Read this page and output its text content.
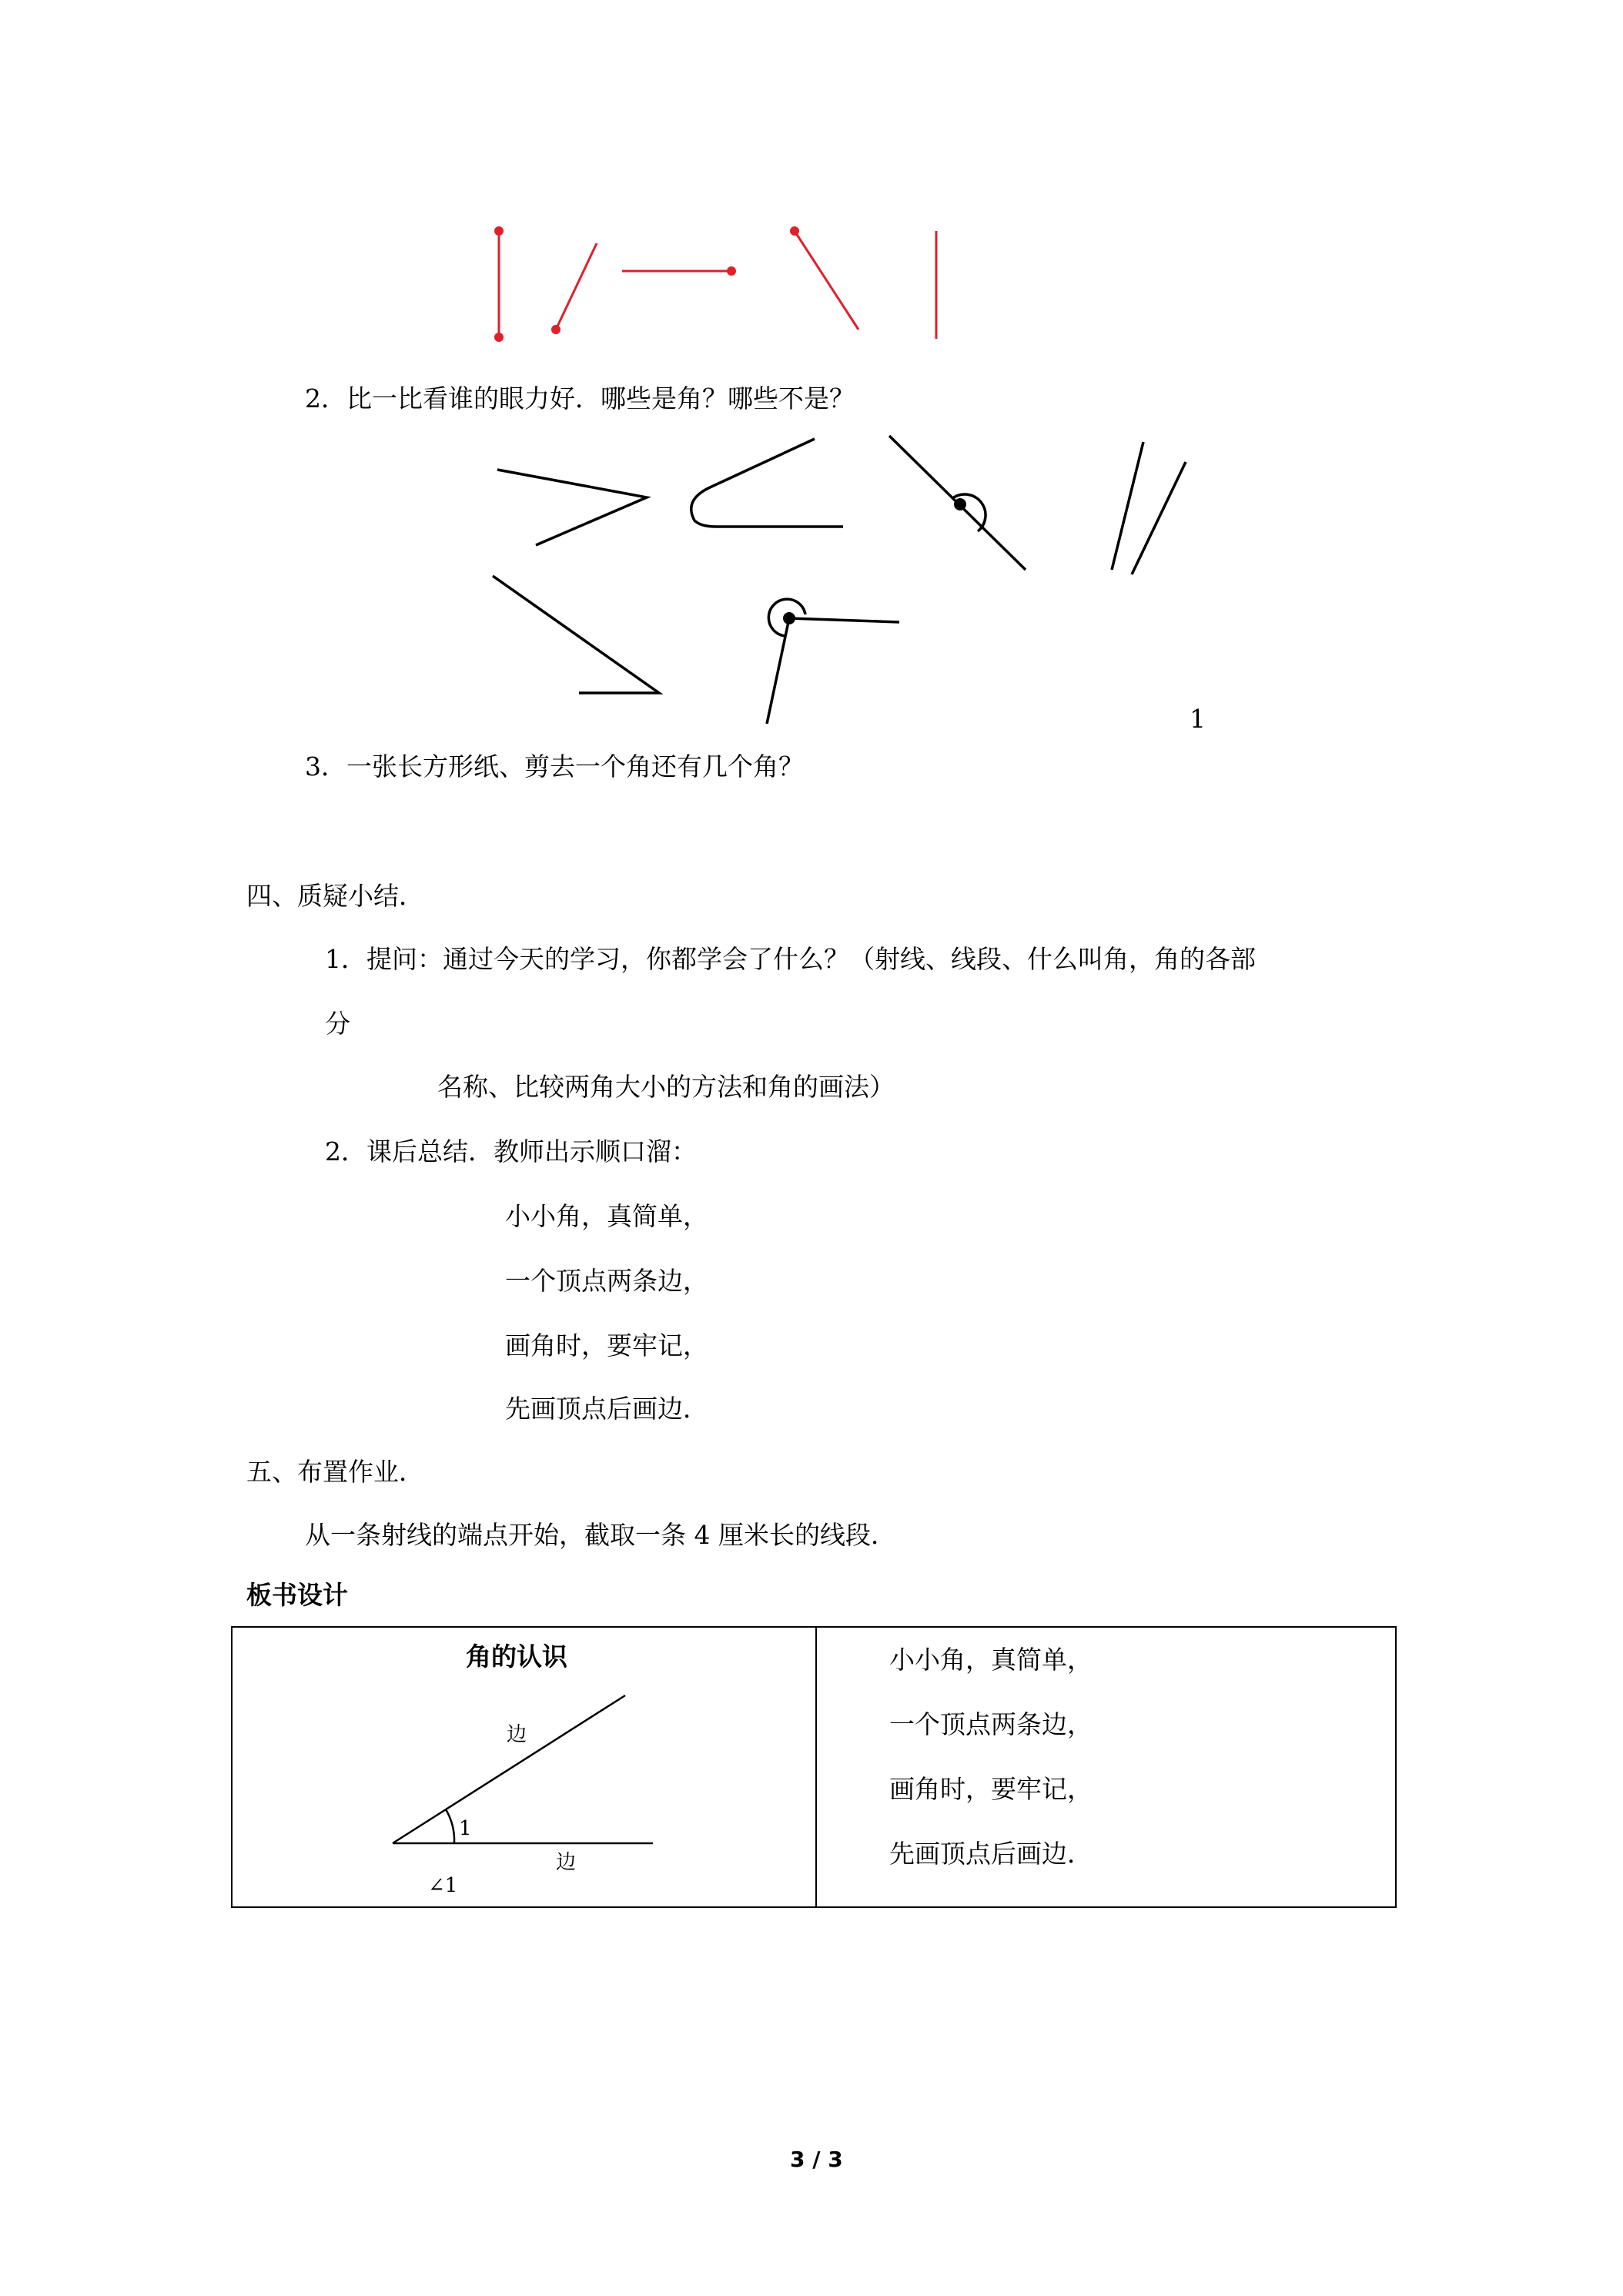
2．比一比看谁的眼力好．哪些是角？哪些不是？
1
3．一张长方形纸、剪去一个角还有几个角？
四、质疑小结．
1．提问：通过今天的学习，你都学会了什么？（射线、线段、什么叫角，角的各部
分
名称、比较两角大小的方法和角的画法）
2．课后总结．教师出示顺口溜：
小小角，真简单，
一个顶点两条边，
画角时，要牢记，
先画顶点后画边．
五、布置作业．
从一条射线的端点开始，截取一条 4 厘米长的线段．
板书设计
角的认识
边
1
边
∠1
小小角，真简单，
一个顶点两条边，
画角时，要牢记，
先画顶点后画边．
3 / 3
